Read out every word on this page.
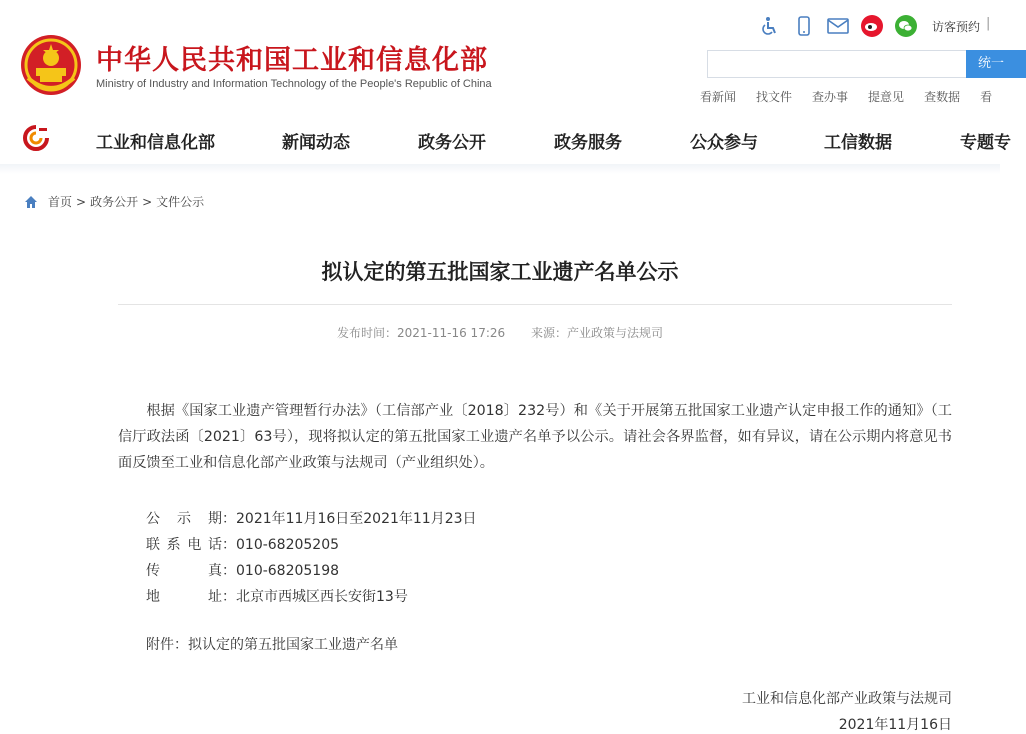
中华人民共和国工业和信息化部
Ministry of Industry and Information Technology of the People's Republic of China
访客预约 |
统一
看新闻 找文件 查办事 提意见 查数据 看
工业和信息化部	新闻动态	政务公开	政务服务	公众参与	工信数据	专题专
首页 > 政务公开 > 文件公示
拟认定的第五批国家工业遗产名单公示
发布时间：2021-11-16 17:26 来源：产业政策与法规司
根据《国家工业遗产管理暂行办法》（工信部产业〔2018〕232号）和《关于开展第五批国家工业遗产认定申报工作的通知》（工信厅政法函〔2021〕63号），现将拟认定的第五批国家工业遗产名单予以公示。请社会各界监督，如有异议，请在公示期内将意见书面反馈至工业和信息化部产业政策与法规司（产业组织处）。
公示期：2021年11月16日至2021年11月23日
联系电话：010-68205205
传真：010-68205198
地址：北京市西城区西长安街13号
附件：拟认定的第五批国家工业遗产名单
工业和信息化部产业政策与法规司
2021年11月16日
